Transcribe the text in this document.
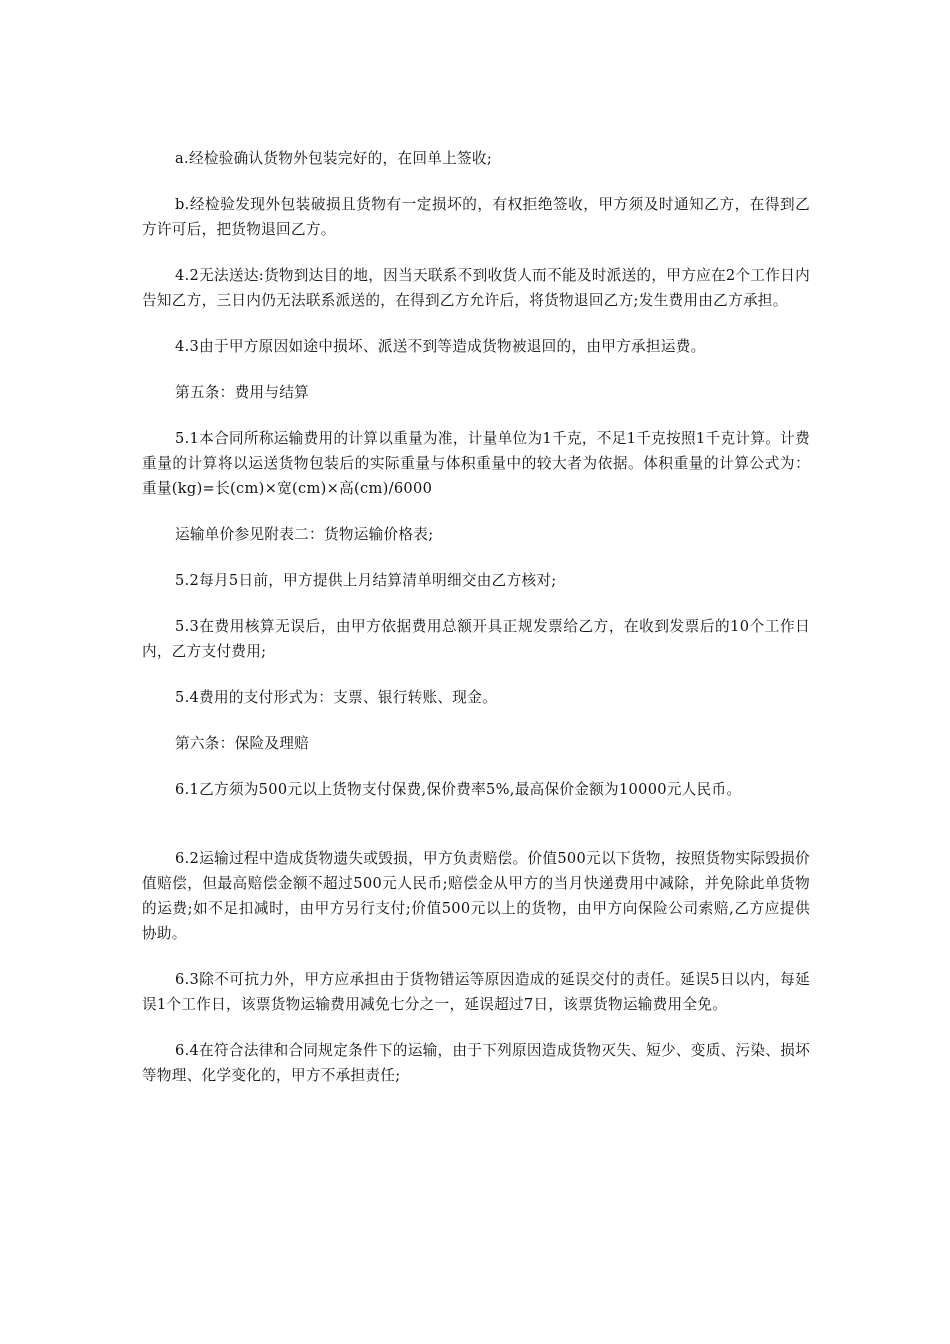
a.经检验确认货物外包装完好的，在回单上签收;

b.经检验发现外包装破损且货物有一定损坏的，有权拒绝签收，甲方须及时通知乙方，在得到乙方许可后，把货物退回乙方。

4.2无法送达:货物到达目的地，因当天联系不到收货人而不能及时派送的，甲方应在2个工作日内告知乙方，三日内仍无法联系派送的，在得到乙方允许后，将货物退回乙方;发生费用由乙方承担。

4.3由于甲方原因如途中损坏、派送不到等造成货物被退回的，由甲方承担运费。

第五条：费用与结算

5.1本合同所称运输费用的计算以重量为准，计量单位为1千克，不足1千克按照1千克计算。计费重量的计算将以运送货物包装后的实际重量与体积重量中的较大者为依据。体积重量的计算公式为：重量(kg)=长(cm)×宽(cm)×高(cm)/6000

运输单价参见附表二：货物运输价格表;

5.2每月5日前，甲方提供上月结算清单明细交由乙方核对;

5.3在费用核算无误后，由甲方依据费用总额开具正规发票给乙方，在收到发票后的10个工作日内，乙方支付费用;

5.4费用的支付形式为：支票、银行转账、现金。

第六条：保险及理赔

6.1乙方须为500元以上货物支付保费,保价费率5%,最高保价金额为10000元人民币。

6.2运输过程中造成货物遗失或毁损，甲方负责赔偿。价值500元以下货物，按照货物实际毁损价值赔偿，但最高赔偿金额不超过500元人民币;赔偿金从甲方的当月快递费用中减除，并免除此单货物的运费;如不足扣减时，由甲方另行支付;价值500元以上的货物，由甲方向保险公司索赔,乙方应提供协助。

6.3除不可抗力外，甲方应承担由于货物错运等原因造成的延误交付的责任。延误5日以内，每延误1个工作日，该票货物运输费用减免七分之一，延误超过7日，该票货物运输费用全免。

6.4在符合法律和合同规定条件下的运输，由于下列原因造成货物灭失、短少、变质、污染、损坏等物理、化学变化的，甲方不承担责任;
